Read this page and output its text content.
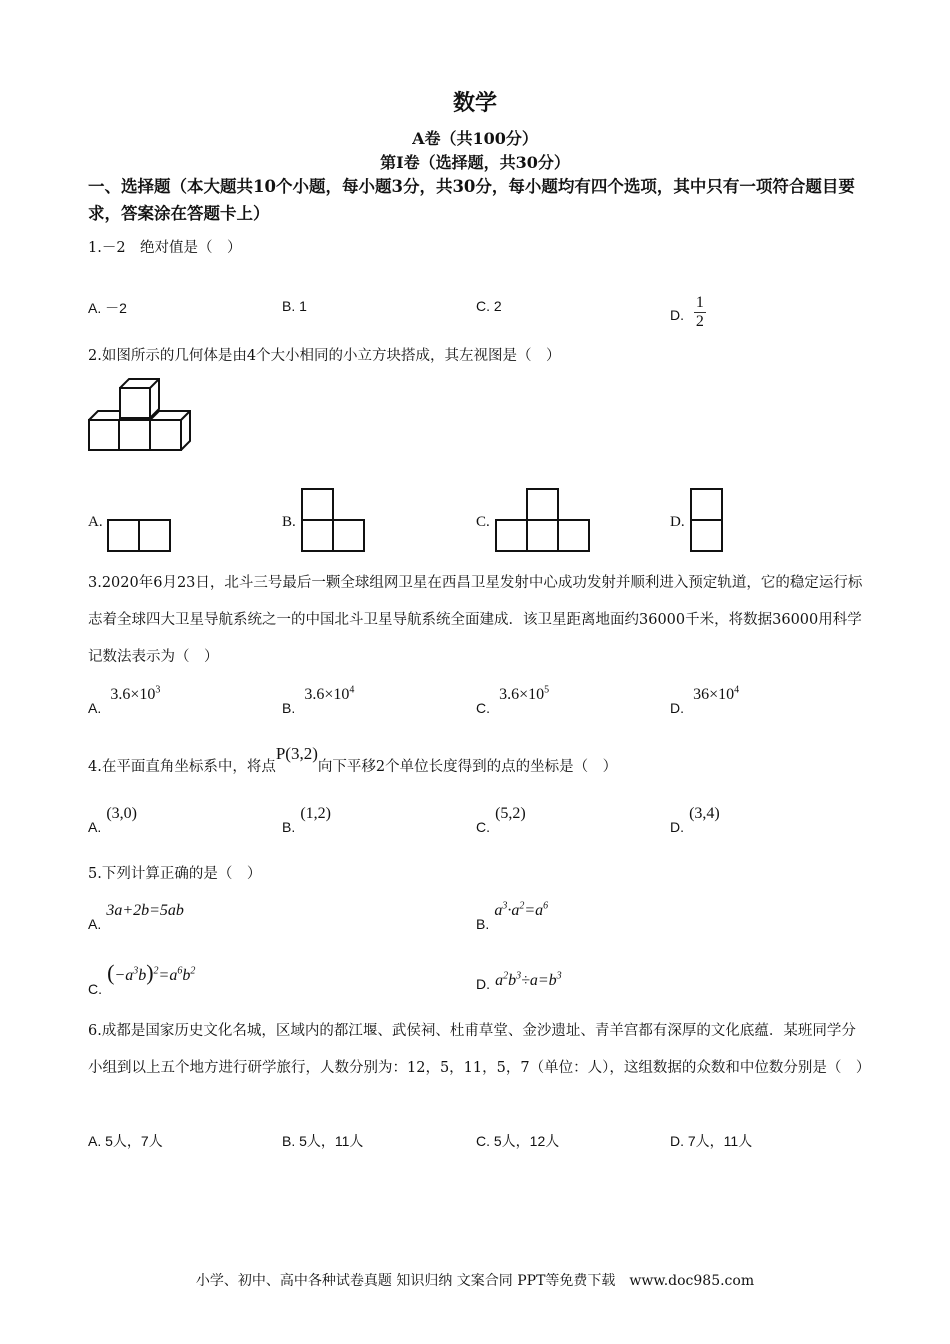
数学
A卷（共100分）
第Ⅰ卷（选择题，共30分）
一、选择题（本大题共10个小题，每小题3分，共30分，每小题均有四个选项，其中只有一项符合题目要求，答案涂在答题卡上）
1.－2　绝对值是（　）
A. －2	B. 1	C. 2
D. $\frac{1}{2}$
2.如图所示的几何体是由4个大小相同的小立方块搭成，其左视图是（　）
A.	B.	C.	D.
3.2020年6月23日，北斗三号最后一颗全球组网卫星在西昌卫星发射中心成功发射并顺利进入预定轨道，它的稳定运行标志着全球四大卫星导航系统之一的中国北斗卫星导航系统全面建成．该卫星距离地面约36000千米，将数据36000用科学记数法表示为（　）
A. $3.6\times 10^3$
B. $3.6\times 10^4$
C. $3.6\times 10^5$
D. $36\times 10^4$
4.在平面直角坐标系中，将点P(3,2)向下平移2个单位长度得到的点的坐标是（　）
A. (3,0)
B. (1,2)
C. (5,2)
D. (3,4)
5.下列计算正确的是（　）
A. 3a+2b=5ab
B. $a^3\cdot a^2=a^6$
C. $(-a^3b)^2=a^6b^2$
D. $a^2b^3\div a=b^3$
6.成都是国家历史文化名城，区域内的都江堰、武侯祠、杜甫草堂、金沙遗址、青羊宫都有深厚的文化底蕴．某班同学分小组到以上五个地方进行研学旅行，人数分别为：12，5，11，5，7（单位：人），这组数据的众数和中位数分别是（　）
A. 5人，7人	B. 5人，11人	C. 5人，12人	D. 7人，11人
小学、初中、高中各种试卷真题 知识归纳 文案合同 PPT等免费下载　www.doc985.com
